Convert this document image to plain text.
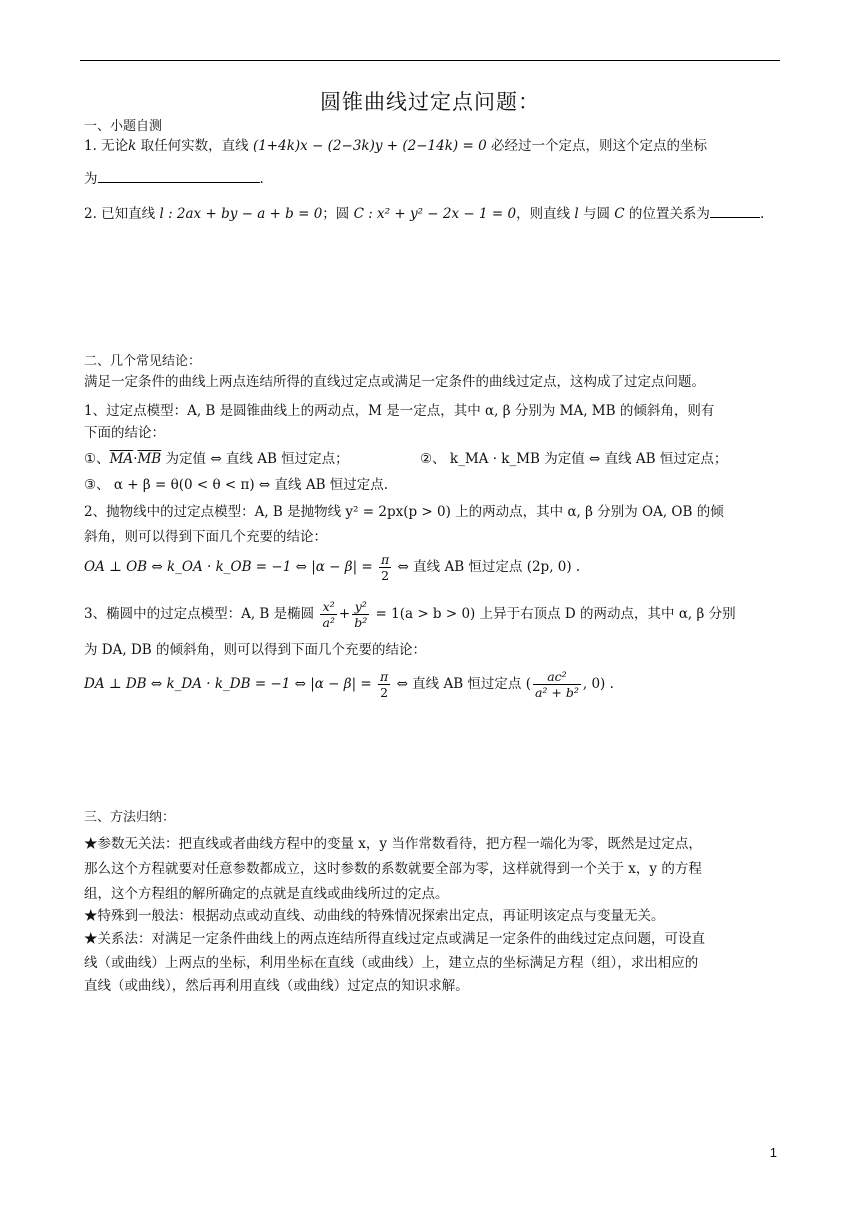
圆锥曲线过定点问题：
一、小题自测
1. 无论k 取任何实数，直线 (1+4k)x − (2−3k)y + (2−14k) = 0 必经过一个定点，则这个定点的坐标
为	.
2. 已知直线 l : 2ax + by − a + b = 0；圆 C : x² + y² − 2x − 1 = 0，则直线 l 与圆 C 的位置关系为	.
二、几个常见结论：
满足一定条件的曲线上两点连结所得的直线过定点或满足一定条件的曲线过定点，这构成了过定点问题。
1、过定点模型：A, B 是圆锥曲线上的两动点，M 是一定点，其中 α, β 分别为 MA, MB 的倾斜角，则有
下面的结论：
①、$\overline{MA}\cdot\overline{MB}$ 为定值 ⇔ 直线 AB 恒过定点；	②、 k_MA · k_MB 为定值 ⇔ 直线 AB 恒过定点；
③、 α + β = θ(0 < θ < π) ⇔ 直线 AB 恒过定点.
2、抛物线中的过定点模型：A, B 是抛物线 y² = 2px(p > 0) 上的两动点，其中 α, β 分别为 OA, OB 的倾
斜角，则可以得到下面几个充要的结论：
OA ⊥ OB ⇔ k_OA · k_OB = −1 ⇔ $|\alpha - \beta| = \frac{\pi}{2}$ ⇔ 直线 AB 恒过定点 (2p, 0) .
3、椭圆中的过定点模型：A, B 是椭圆 $\frac{\text{x²}}{\text{a²}} + \frac{\text{y²}}{\text{b²}} = 1(a > b > 0)$ 上异于右顶点 D 的两动点，其中 α, β 分别
为 DA, DB 的倾斜角，则可以得到下面几个充要的结论：
DA ⊥ DB ⇔ k_DA · k_DB = −1 ⇔ $|\alpha - \beta| = \frac{\pi}{2}$ ⇔ 直线 AB 恒过定点 ( $\frac{\text{ac²}}{\text{a² + b²}}$ , 0) .
三、方法归纳：
★参数无关法：把直线或者曲线方程中的变量 x，y 当作常数看待，把方程一端化为零，既然是过定点，
那么这个方程就要对任意参数都成立，这时参数的系数就要全部为零，这样就得到一个关于 x，y 的方程
组，这个方程组的解所确定的点就是直线或曲线所过的定点。
★特殊到一般法：根据动点或动直线、动曲线的特殊情况探索出定点，再证明该定点与变量无关。
★关系法：对满足一定条件曲线上的两点连结所得直线过定点或满足一定条件的曲线过定点问题，可设直
线（或曲线）上两点的坐标，利用坐标在直线（或曲线）上，建立点的坐标满足方程（组），求出相应的
直线（或曲线），然后再利用直线（或曲线）过定点的知识求解。
1
